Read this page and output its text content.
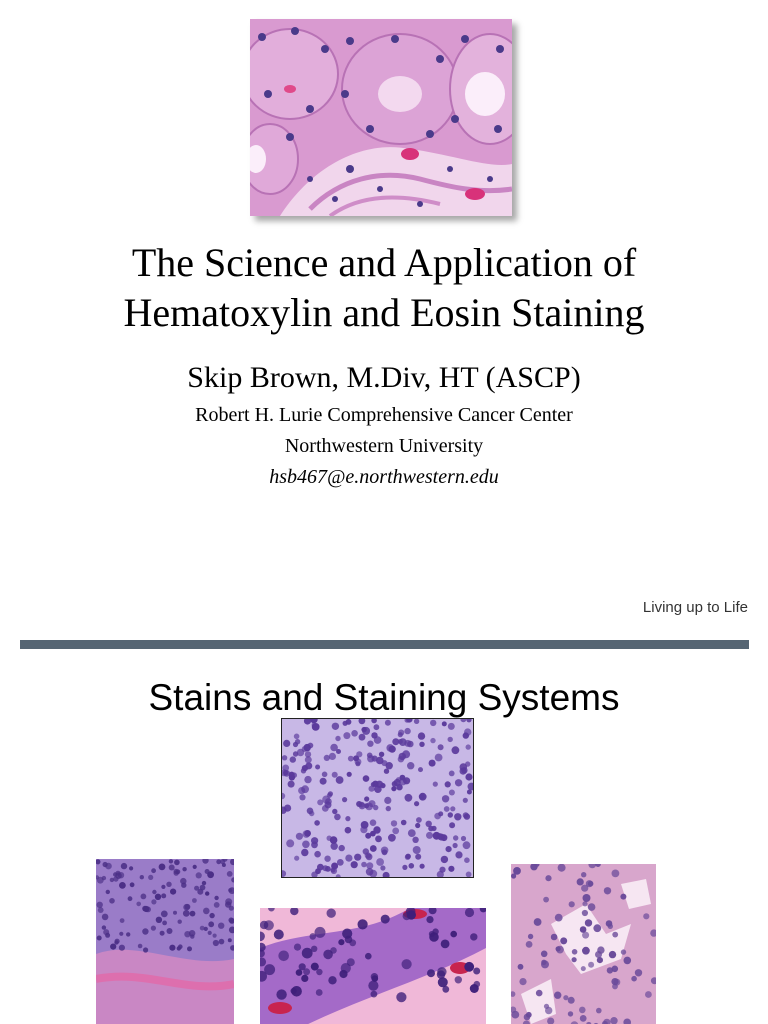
The Science and Application of
Hematoxylin and Eosin Staining
Skip Brown, M.Div, HT (ASCP)
Robert H. Lurie Comprehensive Cancer Center
Northwestern University
hsb467@e.northwestern.edu
Living up to Life
Stains and Staining Systems
